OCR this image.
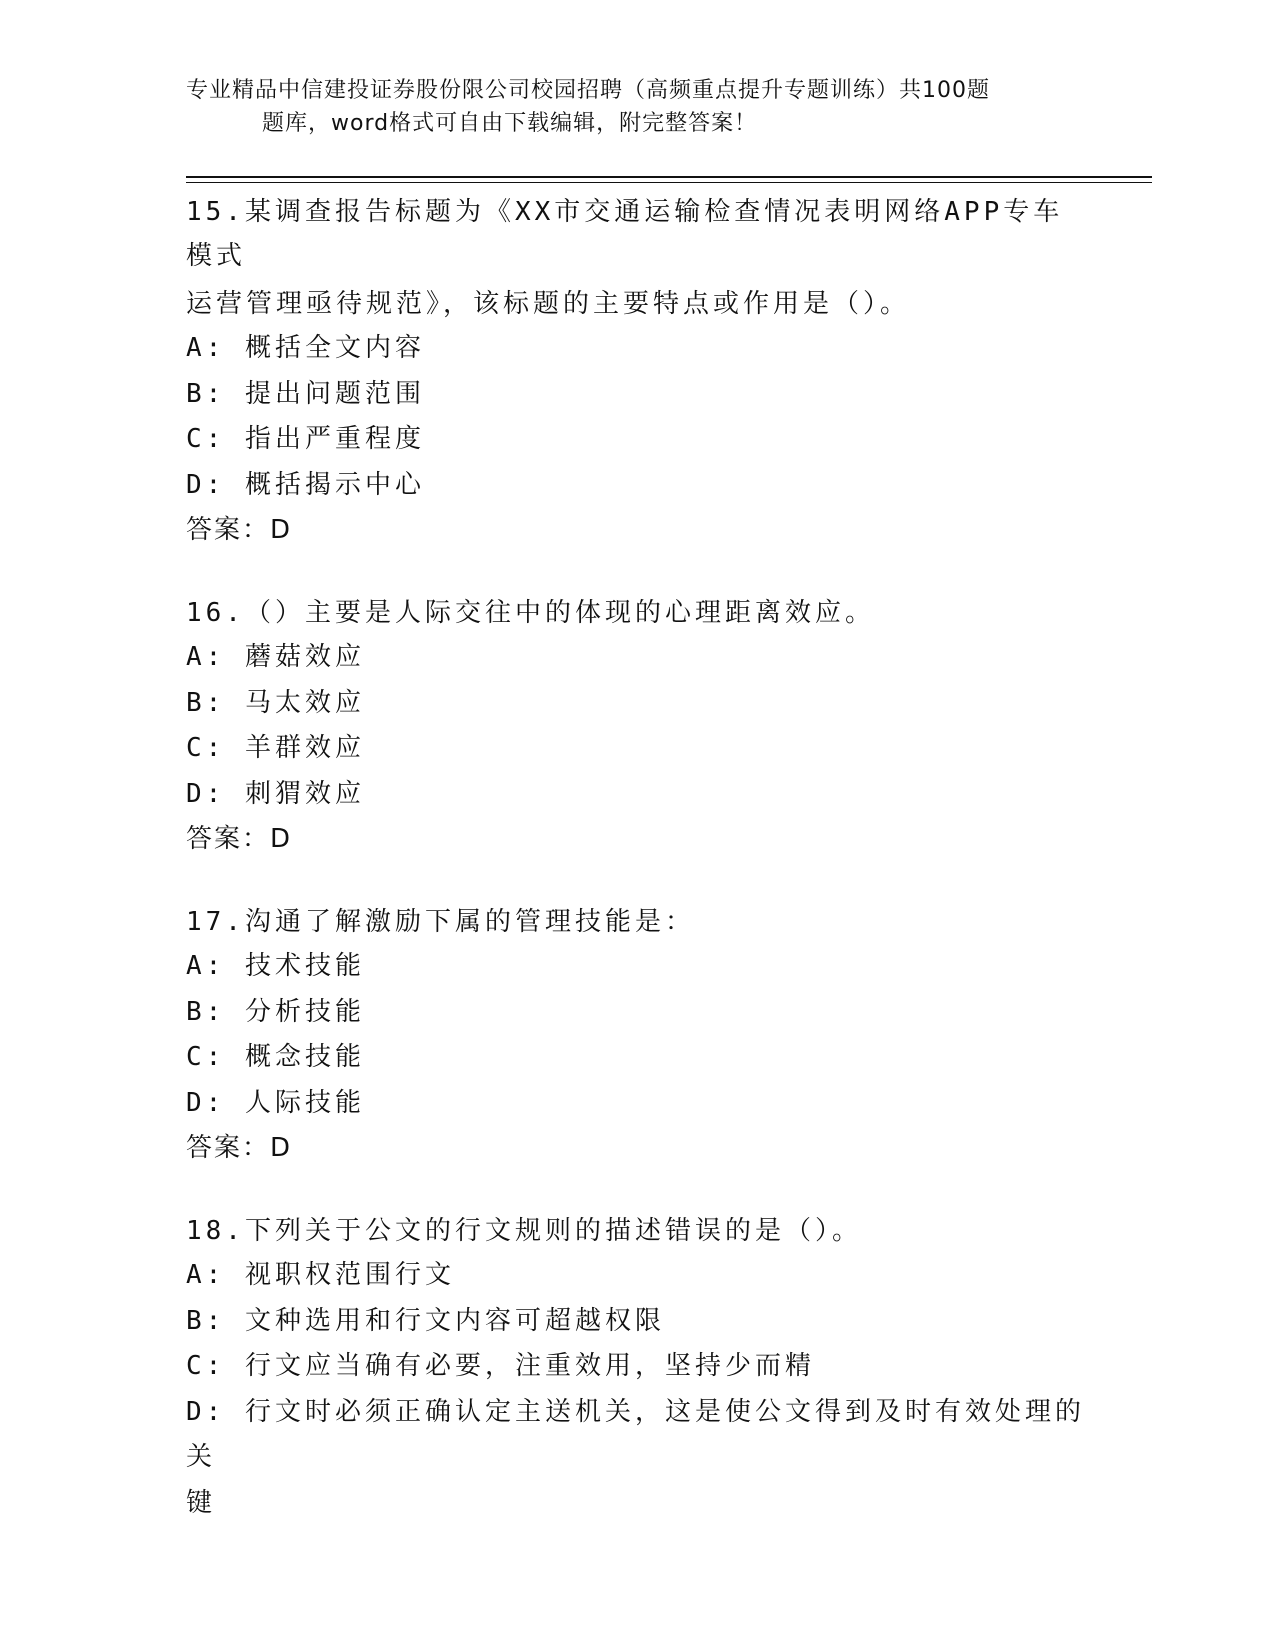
专业精品中信建投证券股份限公司校园招聘（高频重点提升专题训练）共100题
题库，word格式可自由下载编辑，附完整答案！
15.某调查报告标题为《XX市交通运输检查情况表明网络APP专车模式
运营管理亟待规范》，该标题的主要特点或作用是（）。
A: 概括全文内容
B: 提出问题范围
C: 指出严重程度
D: 概括揭示中心
答案：D
16.（）主要是人际交往中的体现的心理距离效应。
A: 蘑菇效应
B: 马太效应
C: 羊群效应
D: 刺猬效应
答案：D
17.沟通了解激励下属的管理技能是：
A: 技术技能
B: 分析技能
C: 概念技能
D: 人际技能
答案：D
18.下列关于公文的行文规则的描述错误的是（）。
A: 视职权范围行文
B: 文种选用和行文内容可超越权限
C: 行文应当确有必要，注重效用，坚持少而精
D: 行文时必须正确认定主送机关，这是使公文得到及时有效处理的关
键
